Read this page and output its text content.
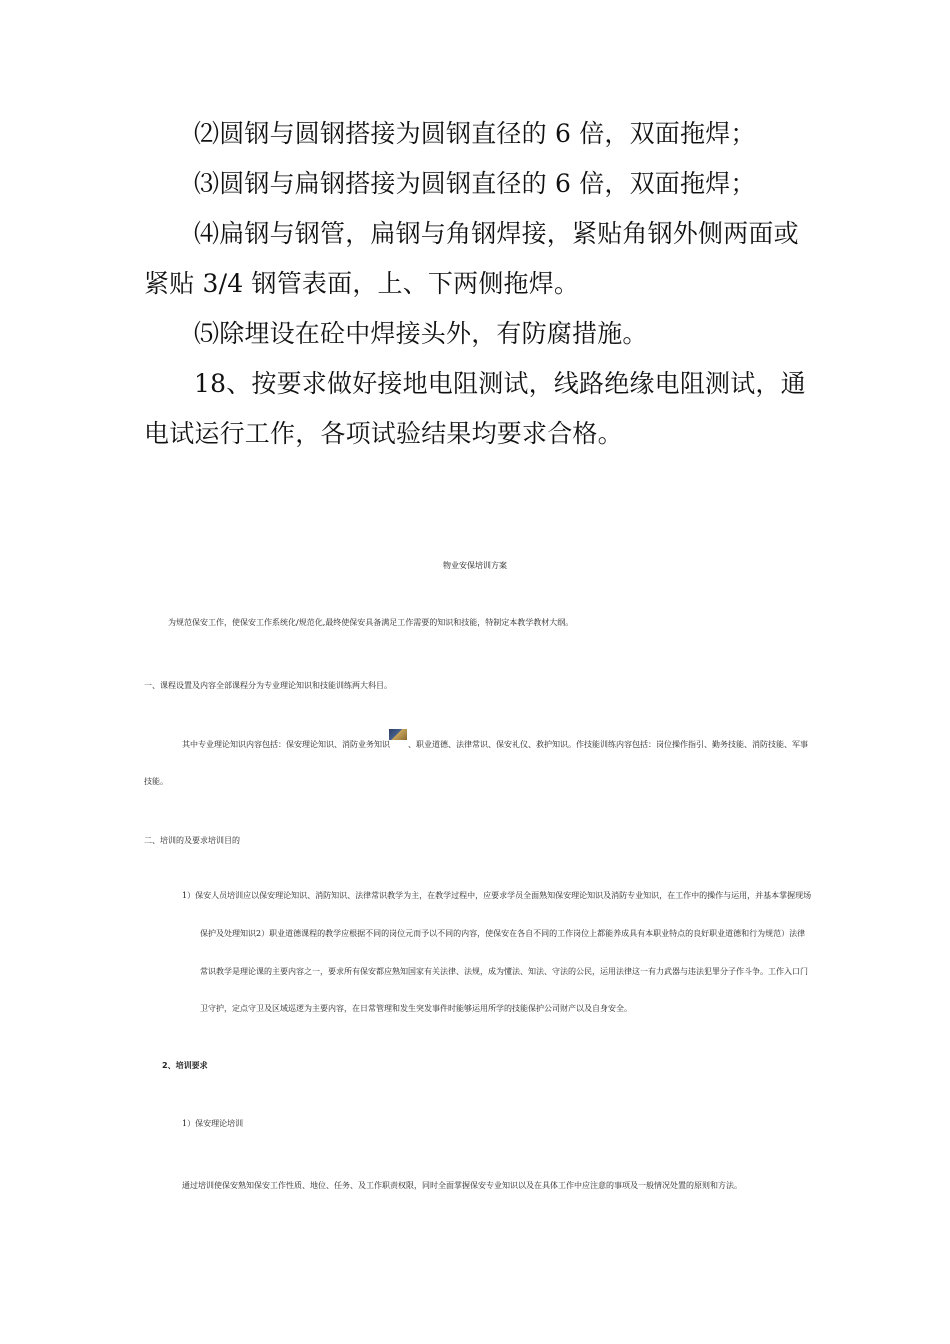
⑵圆钢与圆钢搭接为圆钢直径的 6 倍，双面拖焊；
⑶圆钢与扁钢搭接为圆钢直径的 6 倍，双面拖焊；
⑷扁钢与钢管，扁钢与角钢焊接，紧贴角钢外侧两面或
紧贴 3/4 钢管表面，上、下两侧拖焊。
⑸除埋设在砼中焊接头外，有防腐措施。
18、按要求做好接地电阻测试，线路绝缘电阻测试，通
电试运行工作，各项试验结果均要求合格。
物业安保培训方案
为规范保安工作，使保安工作系统化/规范化,最终使保安具备满足工作需要的知识和技能，特制定本教学教材大纲。
一、课程设置及内容全部课程分为专业理论知识和技能训练两大科目。
其中专业理论知识内容包括：保安理论知识、消防业务知识 、职业道德、法律常识、保安礼仪、救护知识。作技能训练内容包括：岗位操作指引、勤务技能、消防技能、军事
技能。
二、培训的及要求培训目的
1）保安人员培训应以保安理论知识、消防知识、法律常识教学为主，在教学过程中，应要求学员全面熟知保安理论知识及消防专业知识，在工作中的操作与运用，并基本掌握现场
保护及处理知识2）职业道德课程的教学应根据不同的岗位元而予以不同的内容，使保安在各自不同的工作岗位上都能养成具有本职业特点的良好职业道德和行为规范）法律
常识教学是理论课的主要内容之一，要求所有保安都应熟知国家有关法律、法规，成为懂法、知法、守法的公民，运用法律这一有力武器与违法犯罪分子作斗争。工作入口门
卫守护，定点守卫及区域巡逻为主要内容，在日常管理和发生突发事件时能够运用所学的技能保护公司财产以及自身安全。
2、培训要求
1）保安理论培训
通过培训使保安熟知保安工作性质、地位、任务、及工作职责权限，同时全面掌握保安专业知识以及在具体工作中应注意的事项及一般情况处置的原则和方法。
